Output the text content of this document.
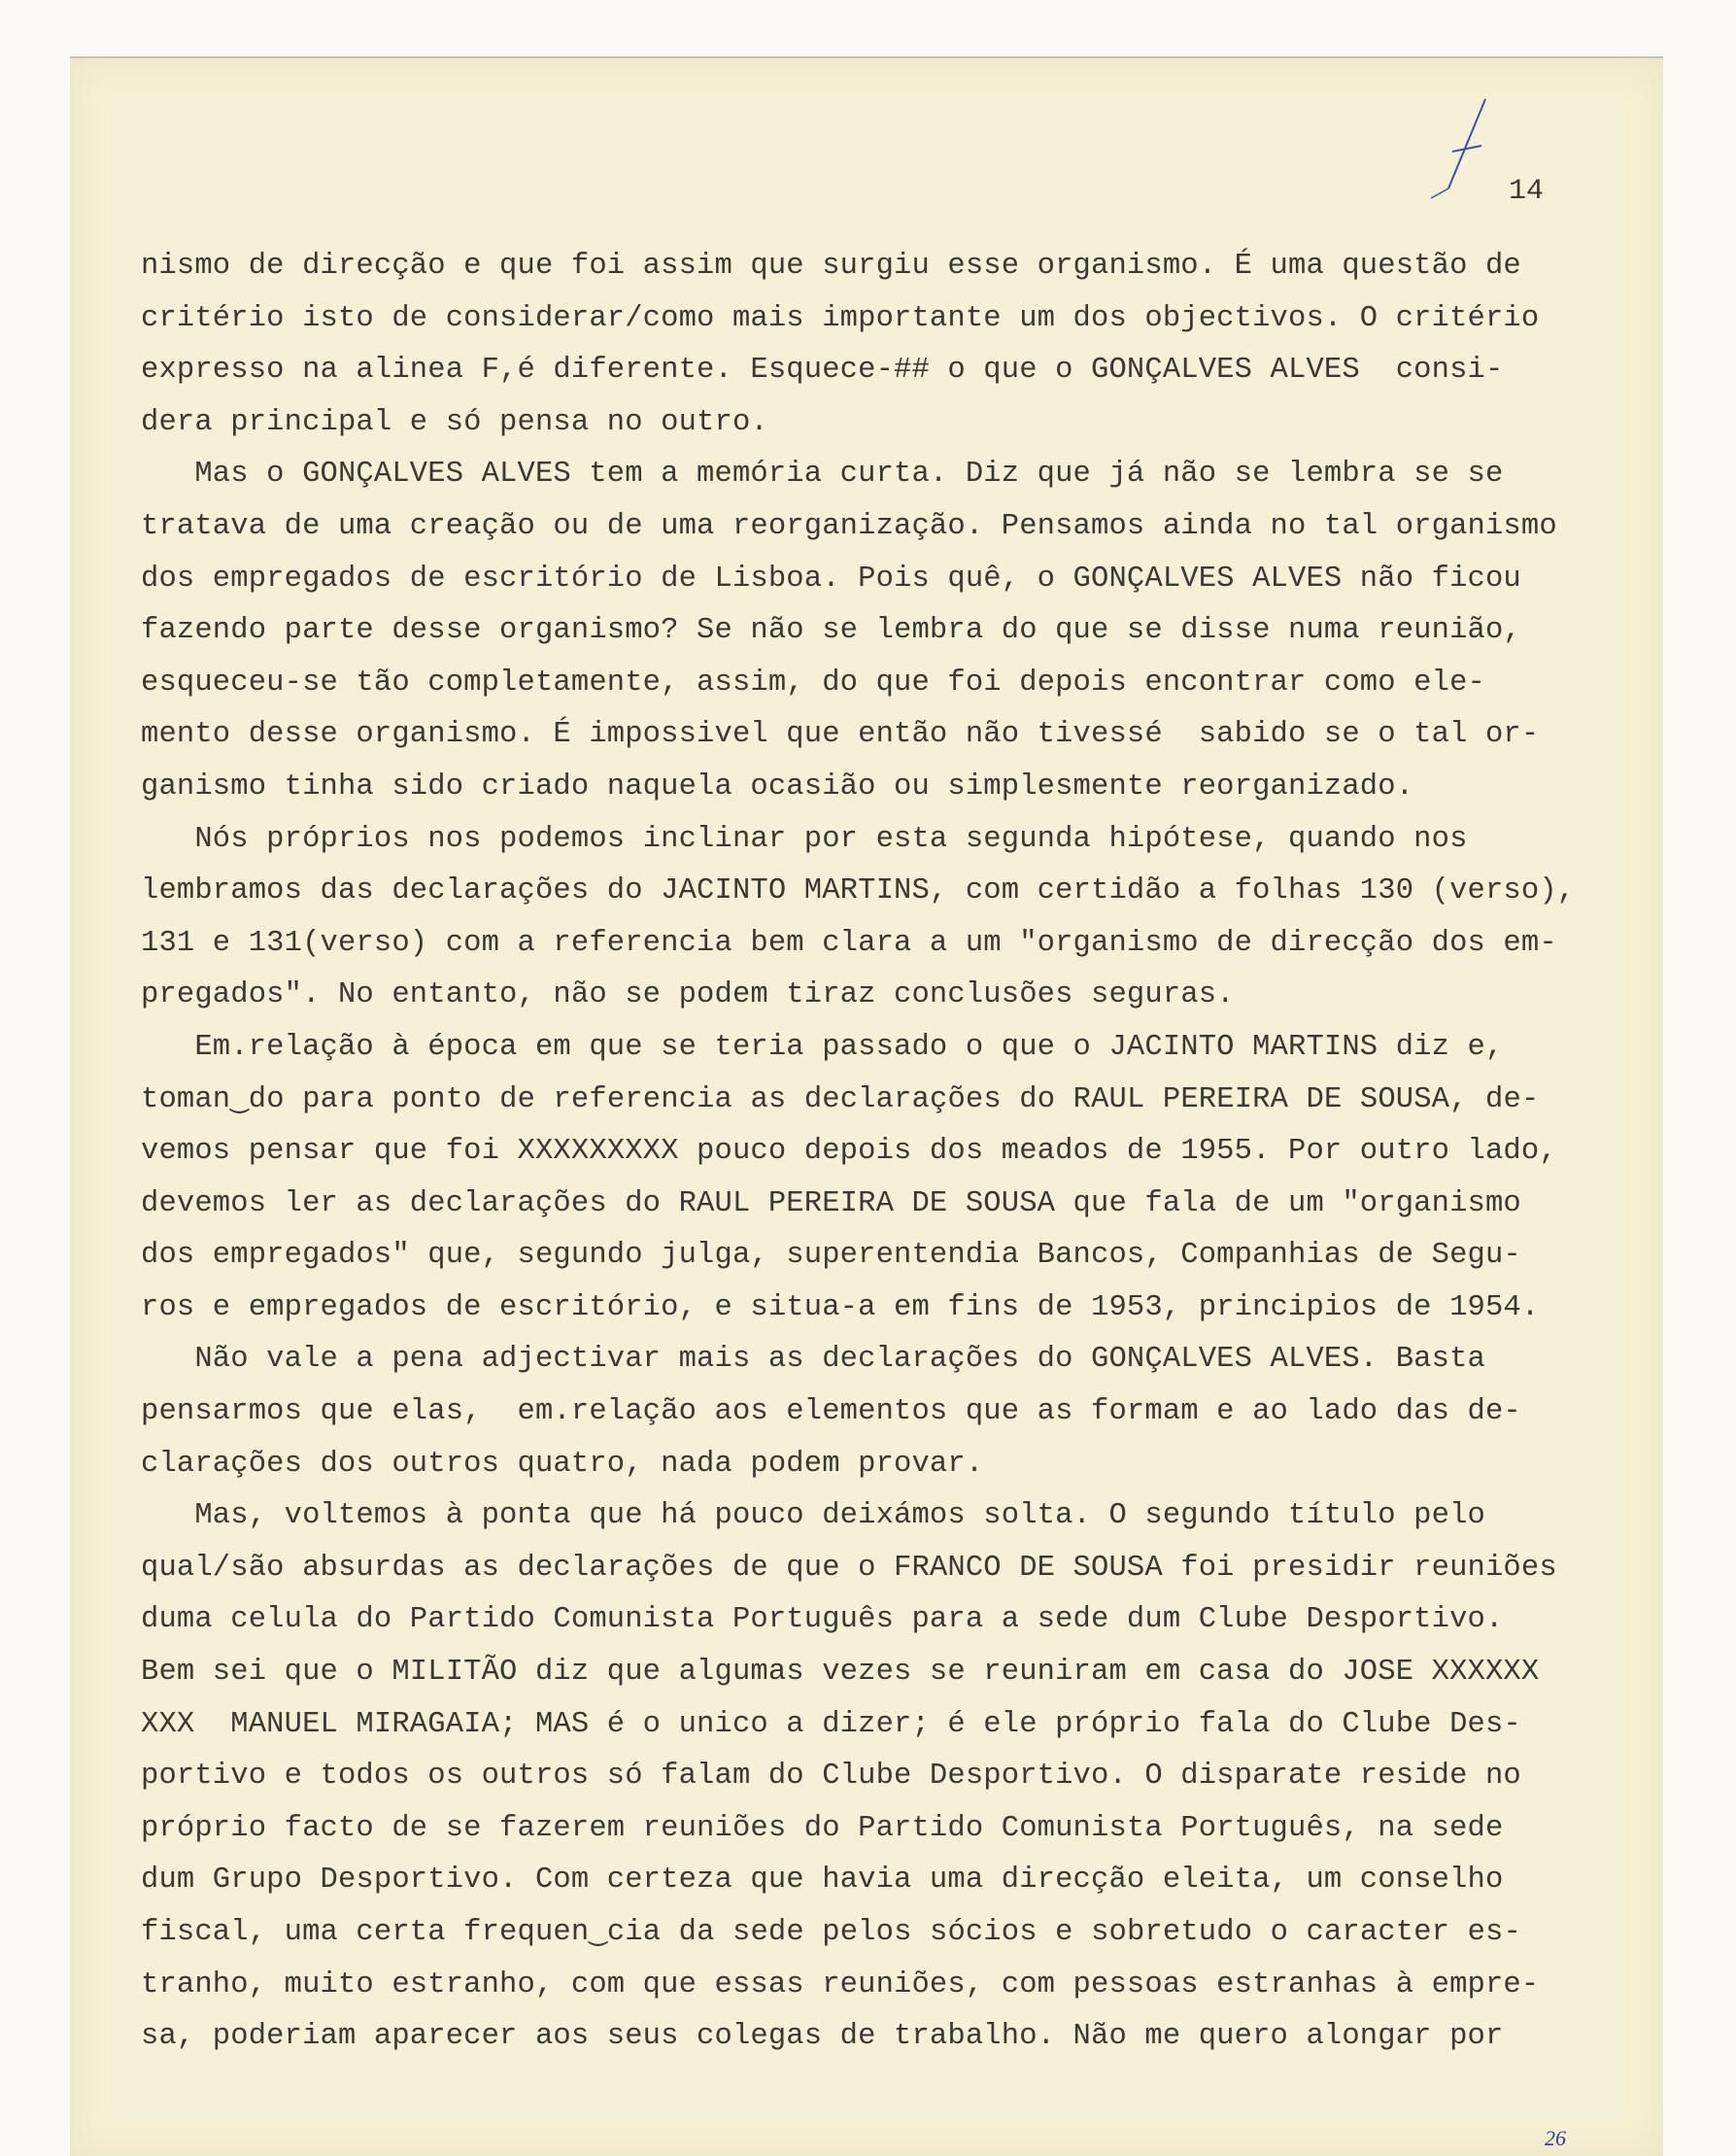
14
nismo de direcção e que foi assim que surgiu esse organismo. É uma questão de
critério isto de considerar/como mais importante um dos objectivos. O critério
expresso na alinea F,é diferente. Esquece-## o que o GONÇALVES ALVES  consi-
dera principal e só pensa no outro.
Mas o GONÇALVES ALVES tem a memória curta. Diz que já não se lembra se se
tratava de uma creação ou de uma reorganização. Pensamos ainda no tal organismo
dos empregados de escritório de Lisboa. Pois quê, o GONÇALVES ALVES não ficou
fazendo parte desse organismo? Se não se lembra do que se disse numa reunião,
esqueceu-se tão completamente, assim, do que foi depois encontrar como ele-
mento desse organismo. É impossivel que então não tivessé  sabido se o tal or-
ganismo tinha sido criado naquela ocasião ou simplesmente reorganizado.
Nós próprios nos podemos inclinar por esta segunda hipótese, quando nos
lembramos das declarações do JACINTO MARTINS, com certidão a folhas 130 (verso),
131 e 131(verso) com a referencia bem clara a um "organismo de direcção dos em-
pregados". No entanto, não se podem tiraz conclusões seguras.
Em.relação à época em que se teria passado o que o JACINTO MARTINS diz e,
toman‿do para ponto de referencia as declarações do RAUL PEREIRA DE SOUSA, de-
vemos pensar que foi XXXXXXXXX pouco depois dos meados de 1955. Por outro lado,
devemos ler as declarações do RAUL PEREIRA DE SOUSA que fala de um "organismo
dos empregados" que, segundo julga, superentendia Bancos, Companhias de Segu-
ros e empregados de escritório, e situa-a em fins de 1953, principios de 1954.
Não vale a pena adjectivar mais as declarações do GONÇALVES ALVES. Basta
pensarmos que elas,  em.relação aos elementos que as formam e ao lado das de-
clarações dos outros quatro, nada podem provar.
Mas, voltemos à ponta que há pouco deixámos solta. O segundo título pelo
qual/são absurdas as declarações de que o FRANCO DE SOUSA foi presidir reuniões
duma celula do Partido Comunista Português para a sede dum Clube Desportivo.
Bem sei que o MILITÃO diz que algumas vezes se reuniram em casa do JOSE XXXXXX
XXX  MANUEL MIRAGAIA; MAS é o unico a dizer; é ele próprio fala do Clube Des-
portivo e todos os outros só falam do Clube Desportivo. O disparate reside no
próprio facto de se fazerem reuniões do Partido Comunista Português, na sede
dum Grupo Desportivo. Com certeza que havia uma direcção eleita, um conselho
fiscal, uma certa frequen‿cia da sede pelos sócios e sobretudo o caracter es-
tranho, muito estranho, com que essas reuniões, com pessoas estranhas à empre-
sa, poderiam aparecer aos seus colegas de trabalho. Não me quero alongar por
26
